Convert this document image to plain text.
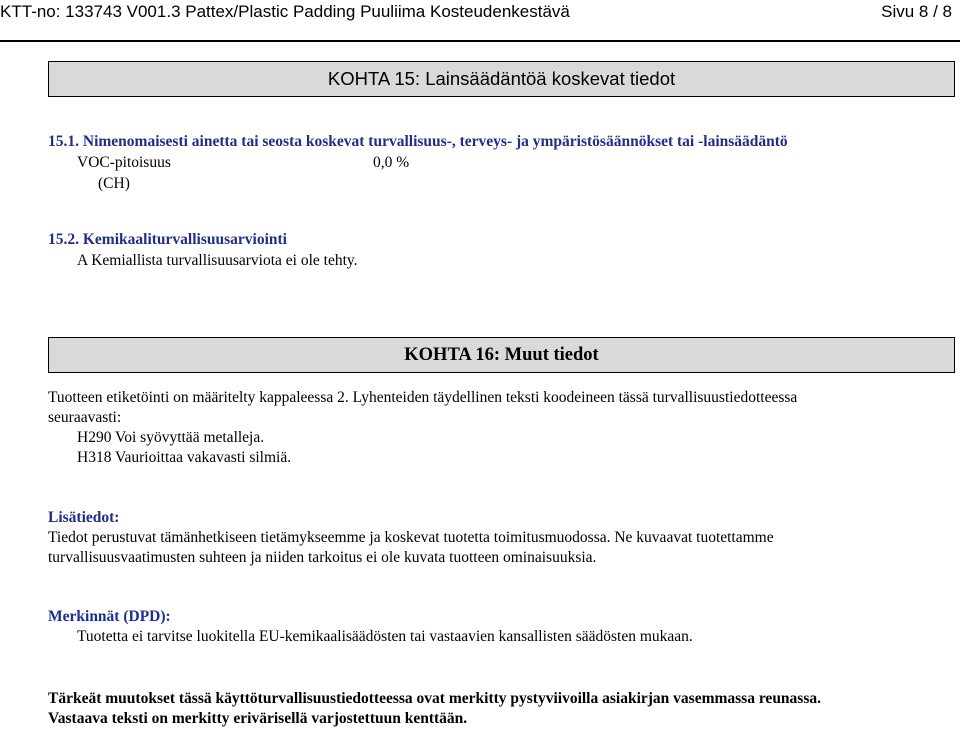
KTT-no: 133743 V001.3 Pattex/Plastic Padding Puuliima Kosteudenkestävä	Sivu 8 / 8
KOHTA 15: Lainsäädäntöä koskevat tiedot
15.1. Nimenomaisesti ainetta tai seosta koskevat turvallisuus-, terveys- ja ympäristösäännökset tai -lainsäädäntö
VOC-pitoisuus	0,0 %
(CH)
15.2. Kemikaaliturvallisuusarviointi
A Kemiallista turvallisuusarviota ei ole tehty.
KOHTA 16: Muut tiedot
Tuotteen etiketöinti on määritelty kappaleessa 2. Lyhenteiden täydellinen teksti koodeineen tässä turvallisuustiedotteessa
seuraavasti:
H290 Voi syövyttää metalleja.
H318 Vaurioittaa vakavasti silmiä.
Lisätiedot:
Tiedot perustuvat tämänhetkiseen tietämykseemme ja koskevat tuotetta toimitusmuodossa. Ne kuvaavat tuotettamme
turvallisuusvaatimusten suhteen ja niiden tarkoitus ei ole kuvata tuotteen ominaisuuksia.
Merkinnät (DPD):
Tuotetta ei tarvitse luokitella EU-kemikaalisäädösten tai vastaavien kansallisten säädösten mukaan.
Tärkeät muutokset tässä käyttöturvallisuustiedotteessa ovat merkitty pystyviivoilla asiakirjan vasemmassa reunassa.
Vastaava teksti on merkitty erivärisellä varjostettuun kenttään.
